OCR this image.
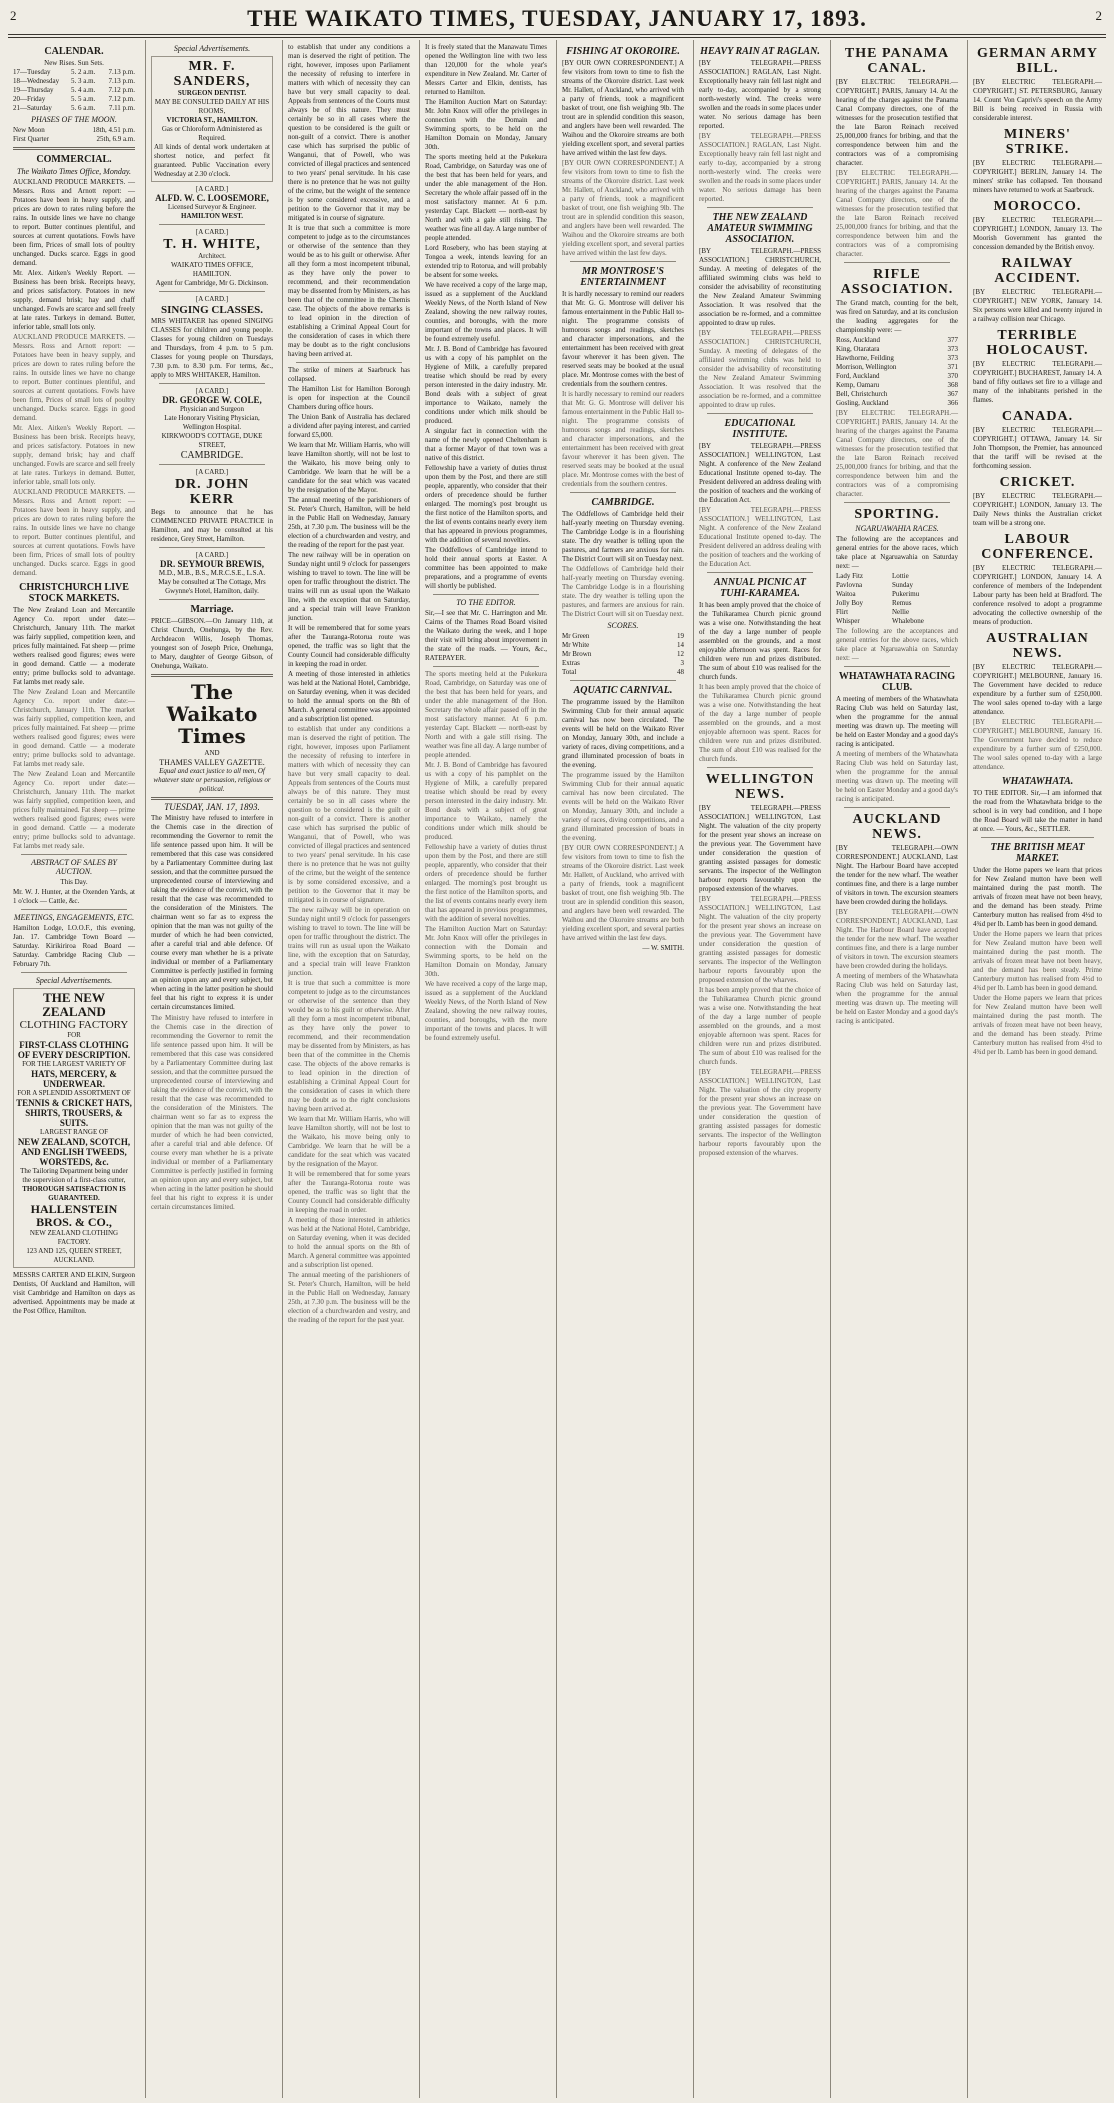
2	THE WAIKATO TIMES, TUESDAY, JANUARY 17, 1893.	2
CALENDAR.
New Rises. Sun Sets.
17—Tuesday	5. 2 a.m.	7.13 p.m.
18—Wednesday	5. 3 a.m.	7.13 p.m.
19—Thursday	5. 4 a.m.	7.12 p.m.
20—Friday	5. 5 a.m.	7.12 p.m.
21—Saturday	5. 6 a.m.	7.11 p.m.
PHASES OF THE MOON.
New Moon	18th, 4.51 p.m.
First Quarter	25th, 6.9 a.m.
COMMERCIAL.
The Waikato Times Office, Monday.

AUCKLAND PRODUCE MARKETS. — Messrs. Ross and Arnott report: — Potatoes have been in heavy supply, and prices are down to rates ruling before the rains. In outside lines we have no change to report. Butter continues plentiful, and sources at current quotations. Fowls have been firm, Prices of small lots of poultry unchanged. Ducks scarce. Eggs in good demand.

Mr. Alex. Aitken's Weekly Report. — Business has been brisk. Receipts heavy, and prices satisfactory. Potatoes in new supply, demand brisk; hay and chaff unchanged. Fowls are scarce and sell freely at late rates. Turkeys in demand. Butter, inferior table, small lots only.

AUCKLAND PRODUCE MARKETS. — Messrs. Ross and Arnott report: — Potatoes have been in heavy supply, and prices are down to rates ruling before the rains. In outside lines we have no change to report. Butter continues plentiful, and sources at current quotations. Fowls have been firm, Prices of small lots of poultry unchanged. Ducks scarce. Eggs in good demand.

Mr. Alex. Aitken's Weekly Report. — Business has been brisk. Receipts heavy, and prices satisfactory. Potatoes in new supply, demand brisk; hay and chaff unchanged. Fowls are scarce and sell freely at late rates. Turkeys in demand. Butter, inferior table, small lots only.

AUCKLAND PRODUCE MARKETS. — Messrs. Ross and Arnott report: — Potatoes have been in heavy supply, and prices are down to rates ruling before the rains. In outside lines we have no change to report. Butter continues plentiful, and sources at current quotations. Fowls have been firm, Prices of small lots of poultry unchanged. Ducks scarce. Eggs in good demand.

CHRISTCHURCH LIVE STOCK MARKETS.

The New Zealand Loan and Mercantile Agency Co. report under date:— Christchurch, January 11th. The market was fairly supplied, competition keen, and prices fully maintained. Fat sheep — prime wethers realised good figures; ewes were in good demand. Cattle — a moderate entry; prime bullocks sold to advantage. Fat lambs met ready sale.

The New Zealand Loan and Mercantile Agency Co. report under date:— Christchurch, January 11th. The market was fairly supplied, competition keen, and prices fully maintained. Fat sheep — prime wethers realised good figures; ewes were in good demand. Cattle — a moderate entry; prime bullocks sold to advantage. Fat lambs met ready sale.

The New Zealand Loan and Mercantile Agency Co. report under date:— Christchurch, January 11th. The market was fairly supplied, competition keen, and prices fully maintained. Fat sheep — prime wethers realised good figures; ewes were in good demand. Cattle — a moderate entry; prime bullocks sold to advantage. Fat lambs met ready sale.

ABSTRACT OF SALES BY AUCTION.
This Day.

Mr. W. J. Hunter, at the Oxenden Yards, at 1 o'clock — Cattle, &c.

MEETINGS, ENGAGEMENTS, ETC.

Hamilton Lodge, I.O.O.F., this evening, Jan. 17. Cambridge Town Board — Saturday. Kirikiriroa Road Board — Saturday. Cambridge Racing Club — February 7th.

Special Advertisements.
THE NEW ZEALAND
CLOTHING FACTORY
FOR
FIRST-CLASS CLOTHING OF EVERY DESCRIPTION.
FOR THE LARGEST VARIETY OF
HATS, MERCERY, & UNDERWEAR.
FOR A SPLENDID ASSORTMENT OF
TENNIS & CRICKET HATS, SHIRTS, TROUSERS, & SUITS.
LARGEST RANGE OF
NEW ZEALAND, SCOTCH, AND ENGLISH TWEEDS, WORSTEDS, &c.
The Tailoring Department being under the supervision of a first-class cutter,
THOROUGH SATISFACTION IS GUARANTEED.
HALLENSTEIN BROS. & CO.,
NEW ZEALAND CLOTHING FACTORY.
123 AND 125, QUEEN STREET, AUCKLAND.

MESSRS CARTER AND ELKIN, Surgeon Dentists, Of Auckland and Hamilton, will visit Cambridge and Hamilton on days as advertised. Appointments may be made at the Post Office, Hamilton.

Special Advertisements.
MR. F. SANDERS,
SURGEON DENTIST.
MAY BE CONSULTED DAILY AT HIS ROOMS,
VICTORIA ST., HAMILTON.
Gas or Chloroform Administered as Required.
All kinds of dental work undertaken at shortest notice, and perfect fit guaranteed. Public Vaccination every Wednesday at 2.30 o'clock.
[A CARD.]
ALFD. W. C. LOOSEMORE,
Licensed Surveyor & Engineer.
HAMILTON WEST.
[A CARD.]
T. H. WHITE,
Architect.
WAIKATO TIMES OFFICE, HAMILTON.
Agent for Cambridge, Mr G. Dickinson.
[A CARD.]
SINGING CLASSES.

MRS WHITAKER has opened SINGING CLASSES for children and young people. Classes for young children on Tuesdays and Thursdays, from 4 p.m. to 5 p.m. Classes for young people on Thursdays, 7.30 p.m. to 8.30 p.m. For terms, &c., apply to MRS WHITAKER, Hamilton.

[A CARD.]
DR. GEORGE W. COLE,
Physician and Surgeon
Late Honorary Visiting Physician, Wellington Hospital.
KIRKWOOD'S COTTAGE, DUKE STREET,
CAMBRIDGE.
[A CARD.]
DR. JOHN KERR

Begs to announce that he has COMMENCED PRIVATE PRACTICE in Hamilton, and may be consulted at his residence, Grey Street, Hamilton.

[A CARD.]
DR. SEYMOUR BREWIS,
M.D., M.B., B.S., M.R.C.S.E., L.S.A.
May be consulted at The Cottage, Mrs Gwynne's Hotel, Hamilton, daily.
Marriage.

PRICE—GIBSON.—On January 11th, at Christ Church, Onehunga, by the Rev. Archdeacon Willis, Joseph Thomas, youngest son of Joseph Price, Onehunga, to Mary, daughter of George Gibson, of Onehunga, Waikato.

The Waikato Times
AND
THAMES VALLEY GAZETTE.
Equal and exact justice to all men, Of whatever state or persuasion, religious or political.
TUESDAY, JAN. 17, 1893.

The Ministry have refused to interfere in the Chemis case in the direction of recommending the Governor to remit the life sentence passed upon him. It will be remembered that this case was considered by a Parliamentary Committee during last session, and that the committee pursued the unprecedented course of interviewing and taking the evidence of the convict, with the result that the case was recommended to the consideration of the Ministers. The chairman went so far as to express the opinion that the man was not guilty of the murder of which he had been convicted, after a careful trial and able defence. Of course every man whether he is a private individual or member of a Parliamentary Committee is perfectly justified in forming an opinion upon any and every subject, but when acting in the latter position he should feel that his right to express it is under certain circumstances limited.

The Ministry have refused to interfere in the Chemis case in the direction of recommending the Governor to remit the life sentence passed upon him. It will be remembered that this case was considered by a Parliamentary Committee during last session, and that the committee pursued the unprecedented course of interviewing and taking the evidence of the convict, with the result that the case was recommended to the consideration of the Ministers. The chairman went so far as to express the opinion that the man was not guilty of the murder of which he had been convicted, after a careful trial and able defence. Of course every man whether he is a private individual or member of a Parliamentary Committee is perfectly justified in forming an opinion upon any and every subject, but when acting in the latter position he should feel that his right to express it is under certain circumstances limited.

to establish that under any conditions a man is deserved the right of petition. The right, however, imposes upon Parliament the necessity of refusing to interfere in matters with which of necessity they can have but very small capacity to deal. Appeals from sentences of the Courts must always be of this nature. They must certainly be so in all cases where the question to be considered is the guilt or non-guilt of a convict. There is another case which has surprised the public of Wanganui, that of Powell, who was convicted of illegal practices and sentenced to two years' penal servitude. In his case there is no pretence that he was not guilty of the crime, but the weight of the sentence is by some considered excessive, and a petition to the Governor that it may be mitigated is in course of signature.

It is true that such a committee is more competent to judge as to the circumstances or otherwise of the sentence than they would be as to his guilt or otherwise. After all they form a most incompetent tribunal, as they have only the power to recommend, and their recommendation may be dissented from by Ministers, as has been that of the committee in the Chemis case. The objects of the above remarks is to lead opinion in the direction of establishing a Criminal Appeal Court for the consideration of cases in which there may be doubt as to the right conclusions having been arrived at.

The strike of miners at Saarbruck has collapsed.

The Hamilton List for Hamilton Borough is open for inspection at the Council Chambers during office hours.

The Union Bank of Australia has declared a dividend after paying interest, and carried forward £5,000.

We learn that Mr. William Harris, who will leave Hamilton shortly, will not be lost to the Waikato, his move being only to Cambridge. We learn that he will be a candidate for the seat which was vacated by the resignation of the Mayor.

The annual meeting of the parishioners of St. Peter's Church, Hamilton, will be held in the Public Hall on Wednesday, January 25th, at 7.30 p.m. The business will be the election of a churchwarden and vestry, and the reading of the report for the past year.

The new railway will be in operation on Sunday night until 9 o'clock for passengers wishing to travel to town. The line will be open for traffic throughout the district. The trains will run as usual upon the Waikato line, with the exception that on Saturday, and a special train will leave Frankton junction.

It will be remembered that for some years after the Tauranga-Rotorua route was opened, the traffic was so light that the County Council had considerable difficulty in keeping the road in order.

A meeting of those interested in athletics was held at the National Hotel, Cambridge, on Saturday evening, when it was decided to hold the annual sports on the 8th of March. A general committee was appointed and a subscription list opened.

to establish that under any conditions a man is deserved the right of petition. The right, however, imposes upon Parliament the necessity of refusing to interfere in matters with which of necessity they can have but very small capacity to deal. Appeals from sentences of the Courts must always be of this nature. They must certainly be so in all cases where the question to be considered is the guilt or non-guilt of a convict. There is another case which has surprised the public of Wanganui, that of Powell, who was convicted of illegal practices and sentenced to two years' penal servitude. In his case there is no pretence that he was not guilty of the crime, but the weight of the sentence is by some considered excessive, and a petition to the Governor that it may be mitigated is in course of signature.

The new railway will be in operation on Sunday night until 9 o'clock for passengers wishing to travel to town. The line will be open for traffic throughout the district. The trains will run as usual upon the Waikato line, with the exception that on Saturday, and a special train will leave Frankton junction.

It is true that such a committee is more competent to judge as to the circumstances or otherwise of the sentence than they would be as to his guilt or otherwise. After all they form a most incompetent tribunal, as they have only the power to recommend, and their recommendation may be dissented from by Ministers, as has been that of the committee in the Chemis case. The objects of the above remarks is to lead opinion in the direction of establishing a Criminal Appeal Court for the consideration of cases in which there may be doubt as to the right conclusions having been arrived at.

We learn that Mr. William Harris, who will leave Hamilton shortly, will not be lost to the Waikato, his move being only to Cambridge. We learn that he will be a candidate for the seat which was vacated by the resignation of the Mayor.

It will be remembered that for some years after the Tauranga-Rotorua route was opened, the traffic was so light that the County Council had considerable difficulty in keeping the road in order.

A meeting of those interested in athletics was held at the National Hotel, Cambridge, on Saturday evening, when it was decided to hold the annual sports on the 8th of March. A general committee was appointed and a subscription list opened.

The annual meeting of the parishioners of St. Peter's Church, Hamilton, will be held in the Public Hall on Wednesday, January 25th, at 7.30 p.m. The business will be the election of a churchwarden and vestry, and the reading of the report for the past year.

It is freely stated that the Manawatu Times opened the Wellington line with two less than 120,000 for the whole year's expenditure in New Zealand. Mr. Carter of Messrs Carter and Elkin, dentists, has returned to Hamilton.

The Hamilton Auction Mart on Saturday: Mr. John Knox will offer the privileges in connection with the Domain and Swimming sports, to be held on the Hamilton Domain on Monday, January 30th.

The sports meeting held at the Pukekura Road, Cambridge, on Saturday was one of the best that has been held for years, and under the able management of the Hon. Secretary the whole affair passed off in the most satisfactory manner. At 6 p.m. yesterday Capt. Blackett — north-east by North and with a gale still rising. The weather was fine all day. A large number of people attended.

Lord Rosebery, who has been staying at Tongoa a week, intends leaving for an extended trip to Rotorua, and will probably be absent for some weeks.

We have received a copy of the large map, issued as a supplement of the Auckland Weekly News, of the North Island of New Zealand, showing the new railway routes, counties, and boroughs, with the more important of the towns and places. It will be found extremely useful.

Mr. J. B. Bond of Cambridge has favoured us with a copy of his pamphlet on the Hygiene of Milk, a carefully prepared treatise which should be read by every person interested in the dairy industry. Mr. Bond deals with a subject of great importance to Waikato, namely the conditions under which milk should be produced.

A singular fact in connection with the name of the newly opened Cheltenham is that a former Mayor of that town was a native of this district.

Fellowship have a variety of duties thrust upon them by the Post, and there are still people, apparently, who consider that their orders of precedence should be further enlarged. The morning's post brought us the first notice of the Hamilton sports, and the list of events contains nearly every item that has appeared in previous programmes, with the addition of several novelties.

The Oddfellows of Cambridge intend to hold their annual sports at Easter. A committee has been appointed to make preparations, and a programme of events will shortly be published.

TO THE EDITOR.

Sir,—I see that Mr. C. Harrington and Mr. Cairns of the Thames Road Board visited the Waikato during the week, and I hope their visit will bring about improvement in the state of the roads. — Yours, &c., RATEPAYER.

The sports meeting held at the Pukekura Road, Cambridge, on Saturday was one of the best that has been held for years, and under the able management of the Hon. Secretary the whole affair passed off in the most satisfactory manner. At 6 p.m. yesterday Capt. Blackett — north-east by North and with a gale still rising. The weather was fine all day. A large number of people attended.

Mr. J. B. Bond of Cambridge has favoured us with a copy of his pamphlet on the Hygiene of Milk, a carefully prepared treatise which should be read by every person interested in the dairy industry. Mr. Bond deals with a subject of great importance to Waikato, namely the conditions under which milk should be produced.

Fellowship have a variety of duties thrust upon them by the Post, and there are still people, apparently, who consider that their orders of precedence should be further enlarged. The morning's post brought us the first notice of the Hamilton sports, and the list of events contains nearly every item that has appeared in previous programmes, with the addition of several novelties.

The Hamilton Auction Mart on Saturday: Mr. John Knox will offer the privileges in connection with the Domain and Swimming sports, to be held on the Hamilton Domain on Monday, January 30th.

We have received a copy of the large map, issued as a supplement of the Auckland Weekly News, of the North Island of New Zealand, showing the new railway routes, counties, and boroughs, with the more important of the towns and places. It will be found extremely useful.

FISHING AT OKOROIRE.

[BY OUR OWN CORRESPONDENT.] A few visitors from town to time to fish the streams of the Okoroire district. Last week Mr. Hallett, of Auckland, who arrived with a party of friends, took a magnificent basket of trout, one fish weighing 9lb. The trout are in splendid condition this season, and anglers have been well rewarded. The Waihou and the Okoroire streams are both yielding excellent sport, and several parties have arrived within the last few days.

[BY OUR OWN CORRESPONDENT.] A few visitors from town to time to fish the streams of the Okoroire district. Last week Mr. Hallett, of Auckland, who arrived with a party of friends, took a magnificent basket of trout, one fish weighing 9lb. The trout are in splendid condition this season, and anglers have been well rewarded. The Waihou and the Okoroire streams are both yielding excellent sport, and several parties have arrived within the last few days.

MR MONTROSE'S ENTERTAINMENT

It is hardly necessary to remind our readers that Mr. G. G. Montrose will deliver his famous entertainment in the Public Hall to-night. The programme consists of humorous songs and readings, sketches and character impersonations, and the entertainment has been received with great favour wherever it has been given. The reserved seats may be booked at the usual place. Mr. Montrose comes with the best of credentials from the southern centres.

It is hardly necessary to remind our readers that Mr. G. G. Montrose will deliver his famous entertainment in the Public Hall to-night. The programme consists of humorous songs and readings, sketches and character impersonations, and the entertainment has been received with great favour wherever it has been given. The reserved seats may be booked at the usual place. Mr. Montrose comes with the best of credentials from the southern centres.

CAMBRIDGE.

The Oddfellows of Cambridge held their half-yearly meeting on Thursday evening. The Cambridge Lodge is in a flourishing state. The dry weather is telling upon the pastures, and farmers are anxious for rain. The District Court will sit on Tuesday next.

The Oddfellows of Cambridge held their half-yearly meeting on Thursday evening. The Cambridge Lodge is in a flourishing state. The dry weather is telling upon the pastures, and farmers are anxious for rain. The District Court will sit on Tuesday next.

SCORES.
Mr Green	19
Mr White	14
Mr Brown	12
Extras	3
Total	48
AQUATIC CARNIVAL.

The programme issued by the Hamilton Swimming Club for their annual aquatic carnival has now been circulated. The events will be held on the Waikato River on Monday, January 30th, and include a variety of races, diving competitions, and a grand illuminated procession of boats in the evening.

The programme issued by the Hamilton Swimming Club for their annual aquatic carnival has now been circulated. The events will be held on the Waikato River on Monday, January 30th, and include a variety of races, diving competitions, and a grand illuminated procession of boats in the evening.

[BY OUR OWN CORRESPONDENT.] A few visitors from town to time to fish the streams of the Okoroire district. Last week Mr. Hallett, of Auckland, who arrived with a party of friends, took a magnificent basket of trout, one fish weighing 9lb. The trout are in splendid condition this season, and anglers have been well rewarded. The Waihou and the Okoroire streams are both yielding excellent sport, and several parties have arrived within the last few days.

— W. SMITH.
HEAVY RAIN AT RAGLAN.

[BY TELEGRAPH.—PRESS ASSOCIATION.] RAGLAN, Last Night. Exceptionally heavy rain fell last night and early to-day, accompanied by a strong north-westerly wind. The creeks were swollen and the roads in some places under water. No serious damage has been reported.

[BY TELEGRAPH.—PRESS ASSOCIATION.] RAGLAN, Last Night. Exceptionally heavy rain fell last night and early to-day, accompanied by a strong north-westerly wind. The creeks were swollen and the roads in some places under water. No serious damage has been reported.

THE NEW ZEALAND AMATEUR SWIMMING ASSOCIATION.

[BY TELEGRAPH.—PRESS ASSOCIATION.] CHRISTCHURCH, Sunday. A meeting of delegates of the affiliated swimming clubs was held to consider the advisability of reconstituting the New Zealand Amateur Swimming Association. It was resolved that the association be re-formed, and a committee appointed to draw up rules.

[BY TELEGRAPH.—PRESS ASSOCIATION.] CHRISTCHURCH, Sunday. A meeting of delegates of the affiliated swimming clubs was held to consider the advisability of reconstituting the New Zealand Amateur Swimming Association. It was resolved that the association be re-formed, and a committee appointed to draw up rules.

EDUCATIONAL INSTITUTE.

[BY TELEGRAPH.—PRESS ASSOCIATION.] WELLINGTON, Last Night. A conference of the New Zealand Educational Institute opened to-day. The President delivered an address dealing with the position of teachers and the working of the Education Act.

[BY TELEGRAPH.—PRESS ASSOCIATION.] WELLINGTON, Last Night. A conference of the New Zealand Educational Institute opened to-day. The President delivered an address dealing with the position of teachers and the working of the Education Act.

ANNUAL PICNIC AT TUHI-KARAMEA.

It has been amply proved that the choice of the Tuhikaramea Church picnic ground was a wise one. Notwithstanding the heat of the day a large number of people assembled on the grounds, and a most enjoyable afternoon was spent. Races for children were run and prizes distributed. The sum of about £10 was realised for the church funds.

It has been amply proved that the choice of the Tuhikaramea Church picnic ground was a wise one. Notwithstanding the heat of the day a large number of people assembled on the grounds, and a most enjoyable afternoon was spent. Races for children were run and prizes distributed. The sum of about £10 was realised for the church funds.

WELLINGTON NEWS.

[BY TELEGRAPH.—PRESS ASSOCIATION.] WELLINGTON, Last Night. The valuation of the city property for the present year shows an increase on the previous year. The Government have under consideration the question of granting assisted passages for domestic servants. The inspector of the Wellington harbour reports favourably upon the proposed extension of the wharves.

[BY TELEGRAPH.—PRESS ASSOCIATION.] WELLINGTON, Last Night. The valuation of the city property for the present year shows an increase on the previous year. The Government have under consideration the question of granting assisted passages for domestic servants. The inspector of the Wellington harbour reports favourably upon the proposed extension of the wharves.

It has been amply proved that the choice of the Tuhikaramea Church picnic ground was a wise one. Notwithstanding the heat of the day a large number of people assembled on the grounds, and a most enjoyable afternoon was spent. Races for children were run and prizes distributed. The sum of about £10 was realised for the church funds.

[BY TELEGRAPH.—PRESS ASSOCIATION.] WELLINGTON, Last Night. The valuation of the city property for the present year shows an increase on the previous year. The Government have under consideration the question of granting assisted passages for domestic servants. The inspector of the Wellington harbour reports favourably upon the proposed extension of the wharves.

THE PANAMA CANAL.

[BY ELECTRIC TELEGRAPH.—COPYRIGHT.] PARIS, January 14. At the hearing of the charges against the Panama Canal Company directors, one of the witnesses for the prosecution testified that the late Baron Reinach received 25,000,000 francs for bribing, and that the correspondence between him and the contractors was of a compromising character.

[BY ELECTRIC TELEGRAPH.—COPYRIGHT.] PARIS, January 14. At the hearing of the charges against the Panama Canal Company directors, one of the witnesses for the prosecution testified that the late Baron Reinach received 25,000,000 francs for bribing, and that the correspondence between him and the contractors was of a compromising character.

RIFLE ASSOCIATION.

The Grand match, counting for the belt, was fired on Saturday, and at its conclusion the leading aggregates for the championship were: —

Ross, Auckland	377
King, Otaratara	373
Hawthorne, Feilding	373
Morrison, Wellington	371
Ford, Auckland	370
Kemp, Oamaru	368
Bell, Christchurch	367
Gosling, Auckland	366

[BY ELECTRIC TELEGRAPH.—COPYRIGHT.] PARIS, January 14. At the hearing of the charges against the Panama Canal Company directors, one of the witnesses for the prosecution testified that the late Baron Reinach received 25,000,000 francs for bribing, and that the correspondence between him and the contractors was of a compromising character.

SPORTING.
NGARUAWAHIA RACES.

The following are the acceptances and general entries for the above races, which take place at Ngaruawahia on Saturday next: —

Lady Fitz	Lottie
Pavlovna	Sunday
Waitoa	Pukerimu
Jolly Boy	Remus
Flirt	Nellie
Whisper	Whalebone

The following are the acceptances and general entries for the above races, which take place at Ngaruawahia on Saturday next: —

WHATAWHATA RACING CLUB.

A meeting of members of the Whatawhata Racing Club was held on Saturday last, when the programme for the annual meeting was drawn up. The meeting will be held on Easter Monday and a good day's racing is anticipated.

A meeting of members of the Whatawhata Racing Club was held on Saturday last, when the programme for the annual meeting was drawn up. The meeting will be held on Easter Monday and a good day's racing is anticipated.

AUCKLAND NEWS.

[BY TELEGRAPH.—OWN CORRESPONDENT.] AUCKLAND, Last Night. The Harbour Board have accepted the tender for the new wharf. The weather continues fine, and there is a large number of visitors in town. The excursion steamers have been crowded during the holidays.

[BY TELEGRAPH.—OWN CORRESPONDENT.] AUCKLAND, Last Night. The Harbour Board have accepted the tender for the new wharf. The weather continues fine, and there is a large number of visitors in town. The excursion steamers have been crowded during the holidays.

A meeting of members of the Whatawhata Racing Club was held on Saturday last, when the programme for the annual meeting was drawn up. The meeting will be held on Easter Monday and a good day's racing is anticipated.

GERMAN ARMY BILL.

[BY ELECTRIC TELEGRAPH.—COPYRIGHT.] ST. PETERSBURG, January 14. Count Von Caprivi's speech on the Army Bill is being received in Russia with considerable interest.

MINERS' STRIKE.

[BY ELECTRIC TELEGRAPH.—COPYRIGHT.] BERLIN, January 14. The miners' strike has collapsed. Ten thousand miners have returned to work at Saarbruck.

MOROCCO.

[BY ELECTRIC TELEGRAPH.—COPYRIGHT.] LONDON, January 13. The Moorish Government has granted the concession demanded by the British envoy.

RAILWAY ACCIDENT.

[BY ELECTRIC TELEGRAPH.—COPYRIGHT.] NEW YORK, January 14. Six persons were killed and twenty injured in a railway collision near Chicago.

TERRIBLE HOLOCAUST.

[BY ELECTRIC TELEGRAPH.—COPYRIGHT.] BUCHAREST, January 14. A band of fifty outlaws set fire to a village and many of the inhabitants perished in the flames.

CANADA.

[BY ELECTRIC TELEGRAPH.—COPYRIGHT.] OTTAWA, January 14. Sir John Thompson, the Premier, has announced that the tariff will be revised at the forthcoming session.

CRICKET.

[BY ELECTRIC TELEGRAPH.—COPYRIGHT.] LONDON, January 13. The Daily News thinks the Australian cricket team will be a strong one.

LABOUR CONFERENCE.

[BY ELECTRIC TELEGRAPH.—COPYRIGHT.] LONDON, January 14. A conference of members of the Independent Labour party has been held at Bradford. The conference resolved to adopt a programme advocating the collective ownership of the means of production.

AUSTRALIAN NEWS.

[BY ELECTRIC TELEGRAPH.—COPYRIGHT.] MELBOURNE, January 16. The Government have decided to reduce expenditure by a further sum of £250,000. The wool sales opened to-day with a large attendance.

[BY ELECTRIC TELEGRAPH.—COPYRIGHT.] MELBOURNE, January 16. The Government have decided to reduce expenditure by a further sum of £250,000. The wool sales opened to-day with a large attendance.

WHATAWHATA.

TO THE EDITOR. Sir,—I am informed that the road from the Whatawhata bridge to the school is in very bad condition, and I hope the Road Board will take the matter in hand at once. — Yours, &c., SETTLER.

THE BRITISH MEAT MARKET.

Under the Home papers we learn that prices for New Zealand mutton have been well maintained during the past month. The arrivals of frozen meat have not been heavy, and the demand has been steady. Prime Canterbury mutton has realised from 4½d to 4¾d per lb. Lamb has been in good demand.

Under the Home papers we learn that prices for New Zealand mutton have been well maintained during the past month. The arrivals of frozen meat have not been heavy, and the demand has been steady. Prime Canterbury mutton has realised from 4½d to 4¾d per lb. Lamb has been in good demand.

Under the Home papers we learn that prices for New Zealand mutton have been well maintained during the past month. The arrivals of frozen meat have not been heavy, and the demand has been steady. Prime Canterbury mutton has realised from 4½d to 4¾d per lb. Lamb has been in good demand.
